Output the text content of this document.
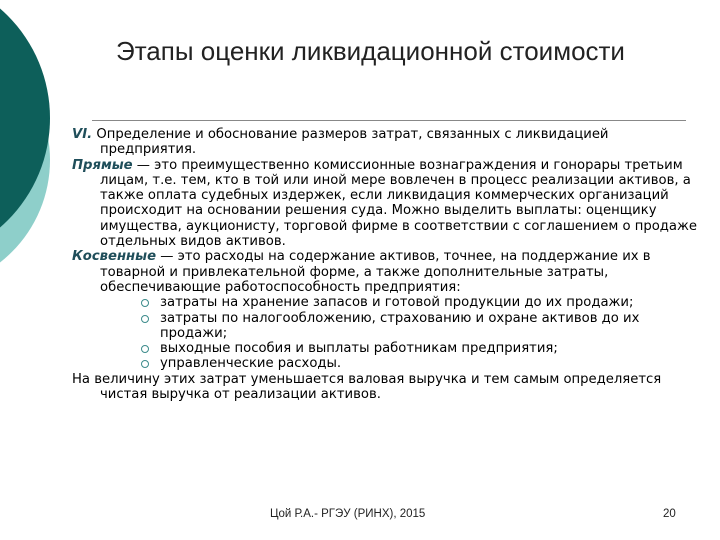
Этапы оценки ликвидационной стоимости

VI. Определение и обоснование размеров затрат, связанных с ликвидацией предприятия.

Прямые — это преимущественно комиссионные вознаграждения и гонорары третьим лицам, т.е. тем, кто в той или иной мере вовлечен в процесс реализации активов, а также оплата судебных издержек, если ликвидация коммерческих организаций происходит на основании решения суда. Можно выделить выплаты: оценщику имущества, аукционисту, торговой фирме в соответствии с соглашением о продаже отдельных видов активов.

Косвенные — это расходы на содержание активов, точнее, на поддержание их в товарной и привлекательной форме, а также дополнительные затраты, обеспечивающие работоспособность предприятия:

затраты на хранение запасов и готовой продукции до их продажи;
затраты по налогообложению, страхованию и охране активов до их продажи;
выходные пособия и выплаты работникам предприятия;
управленческие расходы.

На величину этих затрат уменьшается валовая выручка и тем самым определяется чистая выручка от реализации активов.

Цой Р.А.- РГЭУ (РИНХ), 2015	20
